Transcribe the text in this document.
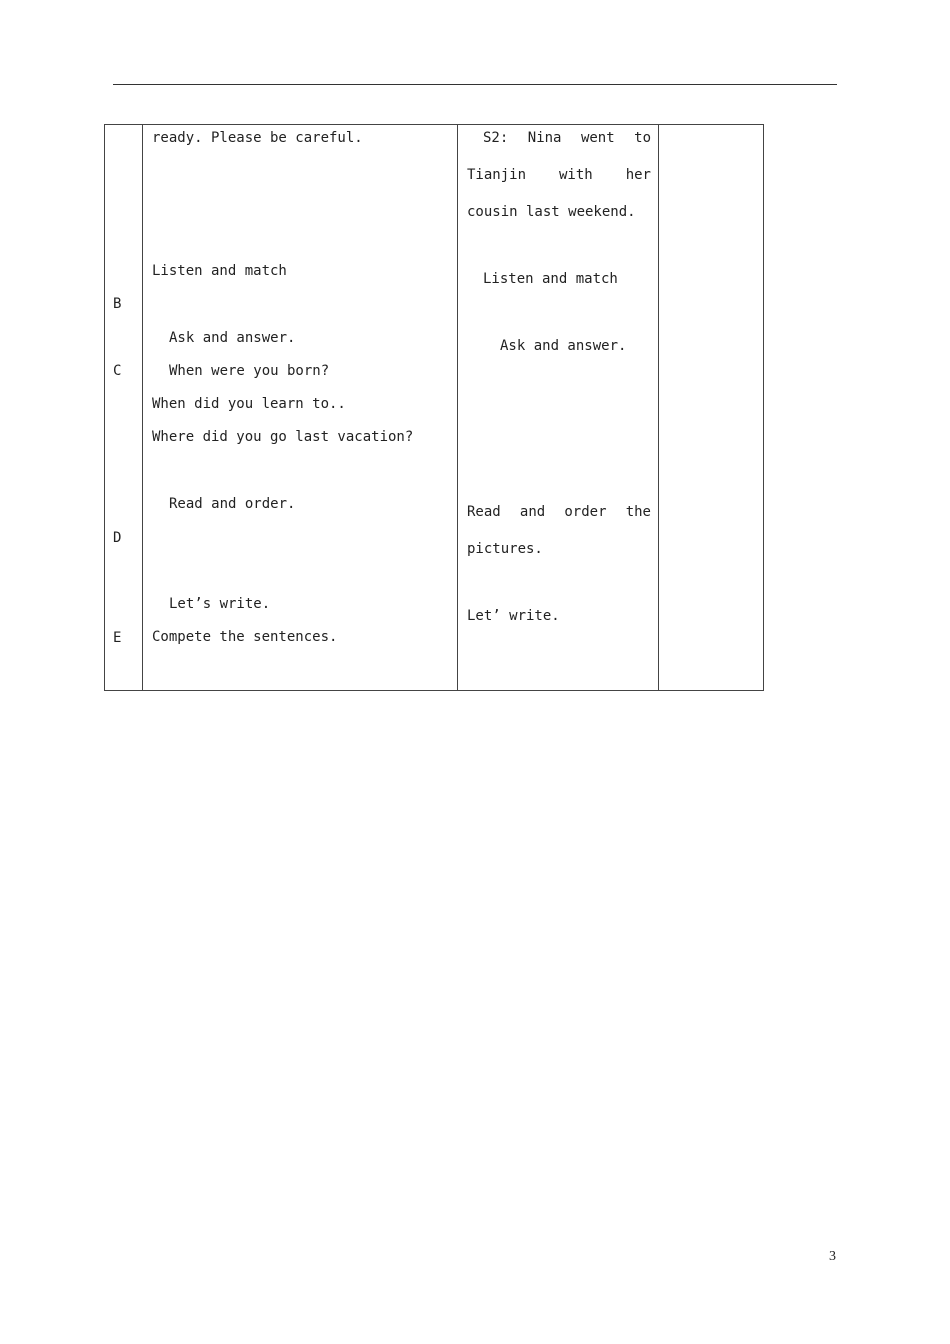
B
C
D
E
ready. Please be careful.
Listen and match
Ask and answer.
When were you born?
When did you learn to..
Where did you go last vacation?
Read and order.
Let’s write.
Compete the sentences.
S2: Nina went to
Tianjin with her
cousin last weekend.
Listen and match
Ask and answer.
Read and order the
pictures.
Let’ write.
3
